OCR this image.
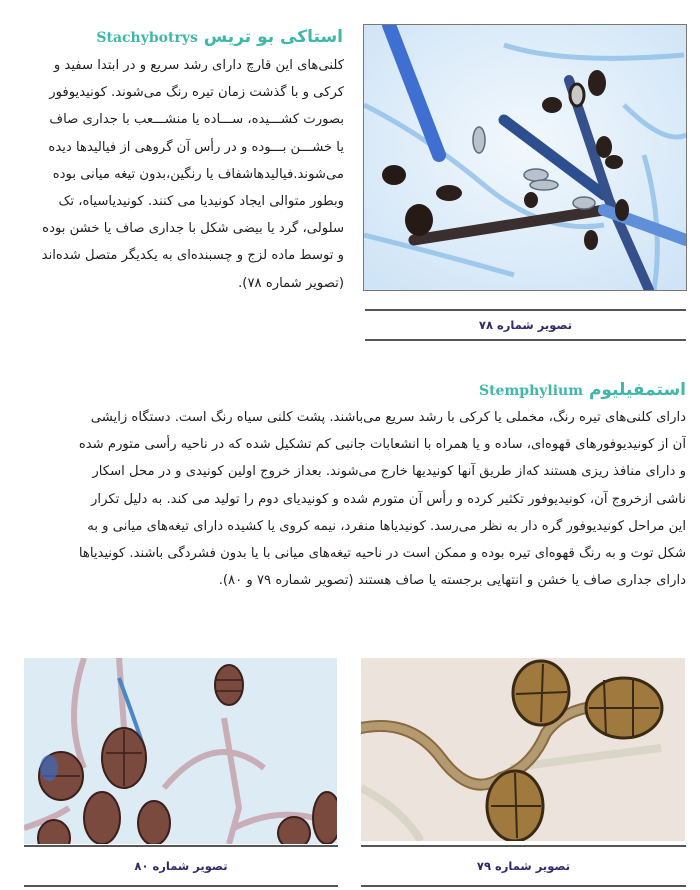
استاکی بو تریس Stachybotrys
کلنی‌های این قارچ دارای رشد سریع و در ابتدا سفید و
کرکی و با گذشت زمان تیره رنگ می‌شوند. کونیدیوفور
بصورت کشـــیده، ســـاده یا منشـــعب با جداری صاف
یا خشـــن بـــوده و در رأس آن گروهی از فیالیدها دیده
می‌شوند.فیالیدهاشفاف یا رنگین،بدون تیغه میانی بوده
وبطور متوالی ایجاد کونیدیا می کنند. کونیدیاسیاه، تک
سلولی، گرد یا بیضی شکل با جداری صاف یا خشن بوده
و توسط ماده لزج و چسبنده‌ای به یکدیگر متصل شده‌اند
(تصویر شماره ۷۸).
تصویر شماره ۷۸
استمفیلیوم Stemphylium
دارای کلنی‌های تیره رنگ، مخملی یا کرکی با رشد سریع می‌باشند. پشت کلنی سیاه رنگ است. دستگاه زایشی
آن از کونیدیوفورهای قهوه‌ای، ساده و یا همراه با انشعابات جانبی کم تشکیل شده که در ناحیه رأسی متورم شده
و دارای منافذ ریزی هستند که‌از طریق آنها کونیدیها خارج می‌شوند. بعداز خروج اولین کونیدی و در محل اسکار
ناشی ازخروج آن، کونیدیوفور تکثیر کرده و رأس آن متورم شده و کونیدیای دوم را تولید می کند. به دلیل تکرار
این مراحل کونیدیوفور گره دار به نظر می‌رسد. کونیدیاها منفرد، نیمه کروی یا کشیده دارای تیغه‌های میانی و به
شکل توت و به رنگ قهوه‌ای تیره بوده و ممکن است در ناحیه تیغه‌های میانی با یا بدون فشردگی باشند. کونیدیاها
دارای جداری صاف یا خشن و انتهایی برجسته یا صاف هستند (تصویر شماره ۷۹ و ۸۰).
تصویر شماره ۸۰	تصویر شماره ۷۹
